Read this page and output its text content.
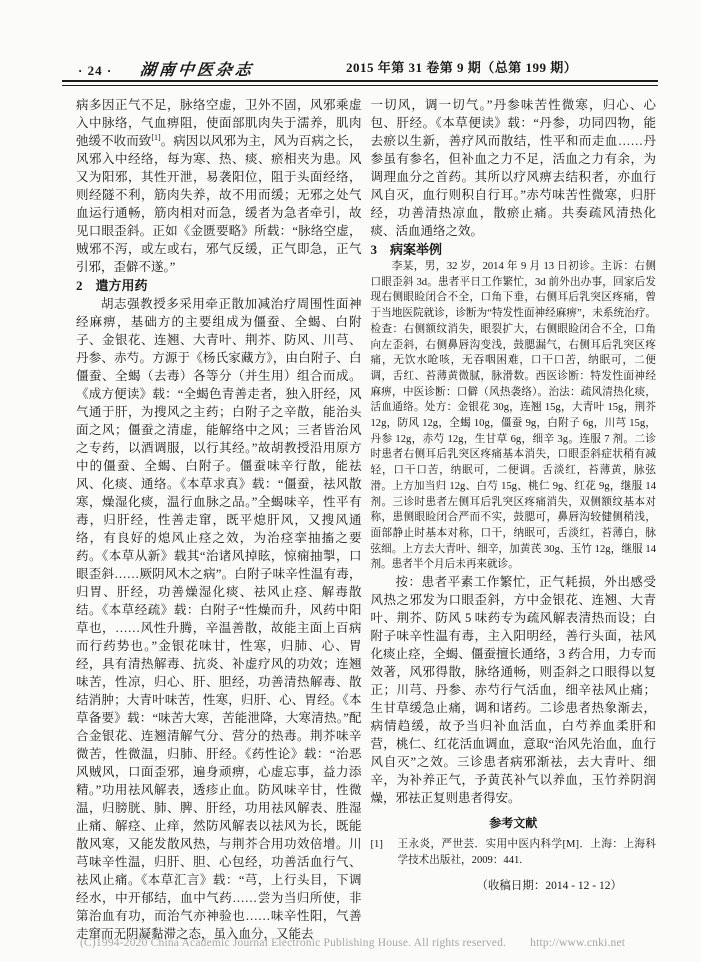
· 24 · 湖南中医杂志	2015 年第 31 卷第 9 期（总第 199 期）

病多因正气不足，脉络空虚，卫外不固，风邪乘虚入中脉络，气血痹阻，使面部肌肉失于濡养，肌肉弛缓不收而致[1]。病因以风邪为主，风为百病之长，风邪入中经络，每为寒、热、痰、瘀相夹为患。风又为阳邪，其性开泄，易袭阳位，阻于头面经络，则经隧不利，筋肉失养，故不用而缓；无邪之处气血运行通畅，筋肉相对而急，缓者为急者牵引，故见口眼歪斜。正如《金匮要略》所载：“脉络空虚，贼邪不泻，或左或右，邪气反缓，正气即急，正气引邪，歪僻不遂。”

2 遣方用药

胡志强教授多采用牵正散加减治疗周围性面神经麻痹，基础方的主要组成为僵蚕、全蝎、白附子、金银花、连翘、大青叶、荆芥、防风、川芎、丹参、赤芍。方源于《杨氏家藏方》，由白附子、白僵蚕、全蝎（去毒）各等分（并生用）组合而成。《成方便读》载：“全蝎色青善走者，独入肝经，风气通于肝，为搜风之主药；白附子之辛散，能治头面之风；僵蚕之清虚，能解络中之风；三者皆治风之专药，以酒调服，以行其经。”故胡教授沿用原方中的僵蚕、全蝎、白附子。僵蚕味辛行散，能祛风、化痰、通络。《本草求真》载：“僵蚕，祛风散寒，燥湿化痰，温行血脉之品。”全蝎味辛，性平有毒，归肝经，性善走窜，既平熄肝风，又搜风通络，有良好的熄风止痉之效，为治痉挛抽搐之要药。《本草从新》载其“治诸风掉眩，惊痫抽掣，口眼歪斜……厥阴风木之病”。白附子味辛性温有毒，归胃、肝经，功善燥湿化痰、祛风止痉、解毒散结。《本草经疏》载：白附子“性燥而升，风药中阳草也，……风性升腾，辛温善散，故能主面上百病而行药势也。”金银花味甘，性寒，归肺、心、胃经，具有清热解毒、抗炎、补虚疗风的功效；连翘味苦，性凉，归心、肝、胆经，功善清热解毒、散结消肿；大青叶味苦，性寒，归肝、心、胃经。《本草备要》载：“味苦大寒，苦能泄降，大寒清热。”配合金银花、连翘清解气分、营分的热毒。荆芥味辛微苦，性微温，归肺、肝经。《药性论》载：“治恶风贼风，口面歪邪，遍身顽痹，心虚忘事，益力添精。”功用祛风解表，透疹止血。防风味辛甘，性微温，归膀胱、肺、脾、肝经，功用祛风解表、胜湿止痛、解痉、止痒，然防风解表以祛风为长，既能散风寒，又能发散风热，与荆芥合用功效倍增。川芎味辛性温，归肝、胆、心包经，功善活血行气、祛风止痛。《本草汇言》载：“芎，上行头目，下调经水，中开郁结，血中气药……尝为当归所使，非第治血有功，而治气亦神验也……味辛性阳，气善走窜而无阴凝黏滞之态，虽入血分，又能去

一切风，调一切气。”丹参味苦性微寒，归心、心包、肝经。《本草便读》载：“丹参，功同四物，能去瘀以生新，善疗风而散结，性平和而走血……丹参虽有参名，但补血之力不足，活血之力有余，为调理血分之首药。其所以疗风痹去结积者，亦血行风自灭，血行则积自行耳。”赤芍味苦性微寒，归肝经，功善清热凉血，散瘀止痛。共奏疏风清热化痰、活血通络之效。

3 病案举例

李某，男，32 岁，2014 年 9 月 13 日初诊。主诉：右侧口眼歪斜 3d。患者平日工作繁忙，3d 前外出办事，回家后发现右侧眼睑闭合不全，口角下垂，右侧耳后乳突区疼痛，曾于当地医院就诊，诊断为“特发性面神经麻痹”，未系统治疗。检查：右侧额纹消失，眼裂扩大，右侧眼睑闭合不全，口角向左歪斜，右侧鼻唇沟变浅，鼓腮漏气，右侧耳后乳突区疼痛，无饮水呛咳，无吞咽困难，口干口苦，纳眠可，二便调，舌红、苔薄黄微腻，脉滑数。西医诊断：特发性面神经麻痹，中医诊断：口僻（风热袭络）。治法：疏风清热化痰，活血通络。处方：金银花 30g，连翘 15g，大青叶 15g，荆芥 12g，防风 12g，全蝎 10g，僵蚕 9g，白附子 6g，川芎 15g，丹参 12g，赤芍 12g，生甘草 6g，细辛 3g。连服 7 剂。二诊时患者右侧耳后乳突区疼痛基本消失，口眼歪斜症状稍有减轻，口干口苦，纳眠可，二便调。舌淡红，苔薄黄，脉弦滑。上方加当归 12g、白芍 15g、桃仁 9g、红花 9g，继服 14 剂。三诊时患者左侧耳后乳突区疼痛消失，双侧额纹基本对称，患侧眼睑闭合严而不实，鼓腮可，鼻唇沟较健侧稍浅，面部静止时基本对称，口干，纳眠可，舌淡红，苔薄白，脉弦细。上方去大青叶、细辛，加黄芪 30g、玉竹 12g，继服 14 剂。患者半个月后未再来就诊。

按：患者平素工作繁忙，正气耗损，外出感受风热之邪发为口眼歪斜，方中金银花、连翘、大青叶、荆芥、防风 5 味药专为疏风解表清热而设；白附子味辛性温有毒，主入阳明经，善行头面，祛风化痰止痉，全蝎、僵蚕擅长通络，3 药合用，力专而效著，风邪得散，脉络通畅，则歪斜之口眼得以复正；川芎、丹参、赤芍行气活血，细辛祛风止痛；生甘草缓急止痛，调和诸药。二诊患者热象渐去，病情趋缓，故予当归补血活血，白芍养血柔肝和营，桃仁、红花活血调血，意取“治风先治血，血行风自灭”之效。三诊患者病邪渐祛，去大青叶、细辛，为补养正气，予黄芪补气以养血，玉竹养阴润燥，邪祛正复则患者得安。

参考文献
[1]	王永炎，严世芸．实用中医内科学[M]．上海：上海科学技术出版社，2009：441.
（收稿日期：2014 - 12 - 12）
(C)1994-2020 China Academic Journal Electronic Publishing House. All rights reserved. http://www.cnki.net
